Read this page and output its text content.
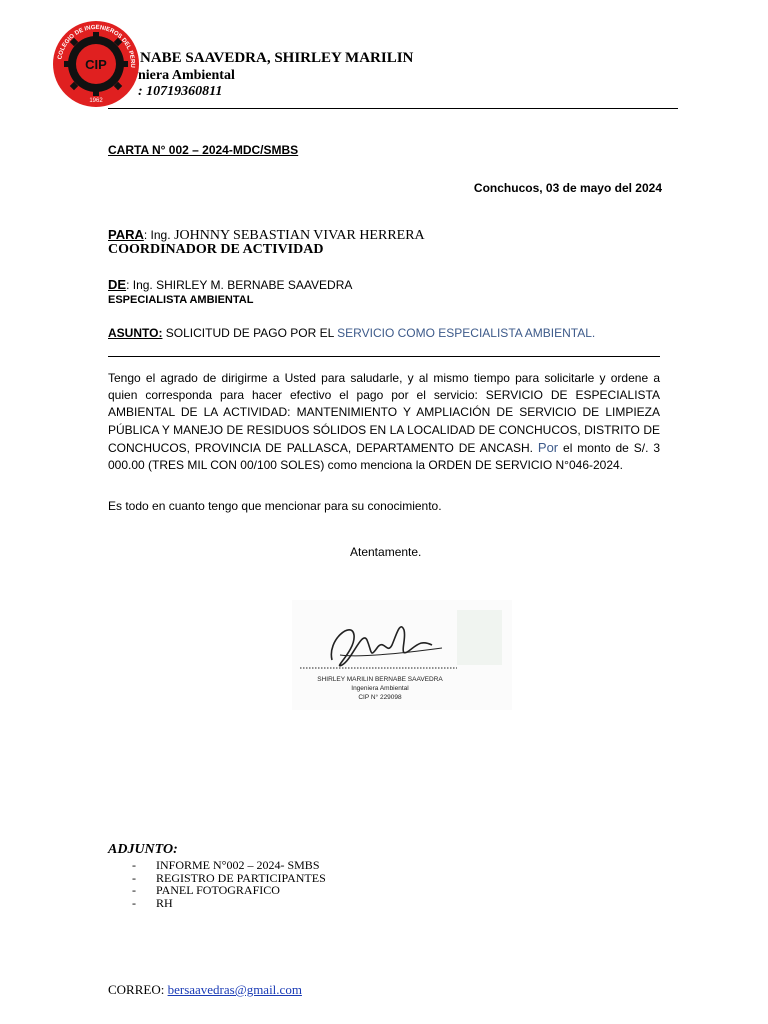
COLEGIO DE INGENIEROS DEL PERU
CIP
1962
NABE SAAVEDRA, SHIRLEY MARILIN
niera Ambiental
: 10719360811
CARTA N° 002 – 2024-MDC/SMBS
Conchucos, 03 de mayo del 2024
PARA: Ing. JOHNNY SEBASTIAN VIVAR HERRERA
COORDINADOR DE ACTIVIDAD
DE: Ing. SHIRLEY M. BERNABE SAAVEDRA
ESPECIALISTA AMBIENTAL
ASUNTO: SOLICITUD DE PAGO POR EL SERVICIO COMO ESPECIALISTA AMBIENTAL.
Tengo el agrado de dirigirme a Usted para saludarle, y al mismo tiempo para solicitarle y ordene a quien corresponda para hacer efectivo el pago por el servicio: SERVICIO DE ESPECIALISTA AMBIENTAL DE LA ACTIVIDAD: MANTENIMIENTO Y AMPLIACIÓN DE SERVICIO DE LIMPIEZA PÚBLICA Y MANEJO DE RESIDUOS SÓLIDOS EN LA LOCALIDAD DE CONCHUCOS, DISTRITO DE CONCHUCOS, PROVINCIA DE PALLASCA, DEPARTAMENTO DE ANCASH. Por el monto de S/. 3 000.00 (TRES MIL CON 00/100 SOLES) como menciona la ORDEN DE SERVICIO N°046-2024.
Es todo en cuanto tengo que mencionar para su conocimiento.
Atentamente.
SHIRLEY MARILIN BERNABE SAAVEDRA
Ingeniera Ambiental
CIP N° 229098
ADJUNTO:
- INFORME N°002 – 2024- SMBS
- REGISTRO DE PARTICIPANTES
- PANEL FOTOGRAFICO
- RH
CORREO: bersaavedras@gmail.com
